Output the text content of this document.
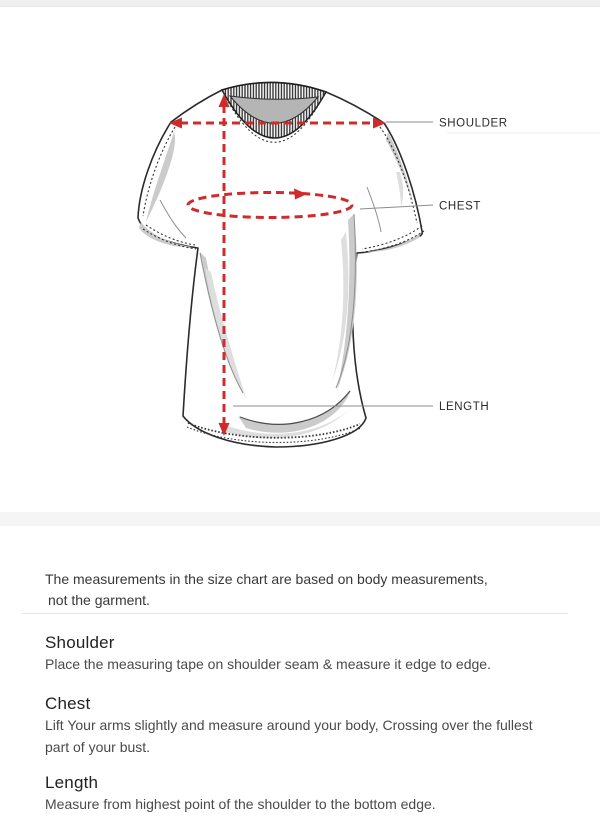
SHOULDER
CHEST
LENGTH

The measurements in the size chart are based on body measurements,
not the garment.

Shoulder

Place the measuring tape on shoulder seam & measure it edge to edge.

Chest

Lift Your arms slightly and measure around your body, Crossing over the fullest part of your bust.

Length

Measure from highest point of the shoulder to the bottom edge.
